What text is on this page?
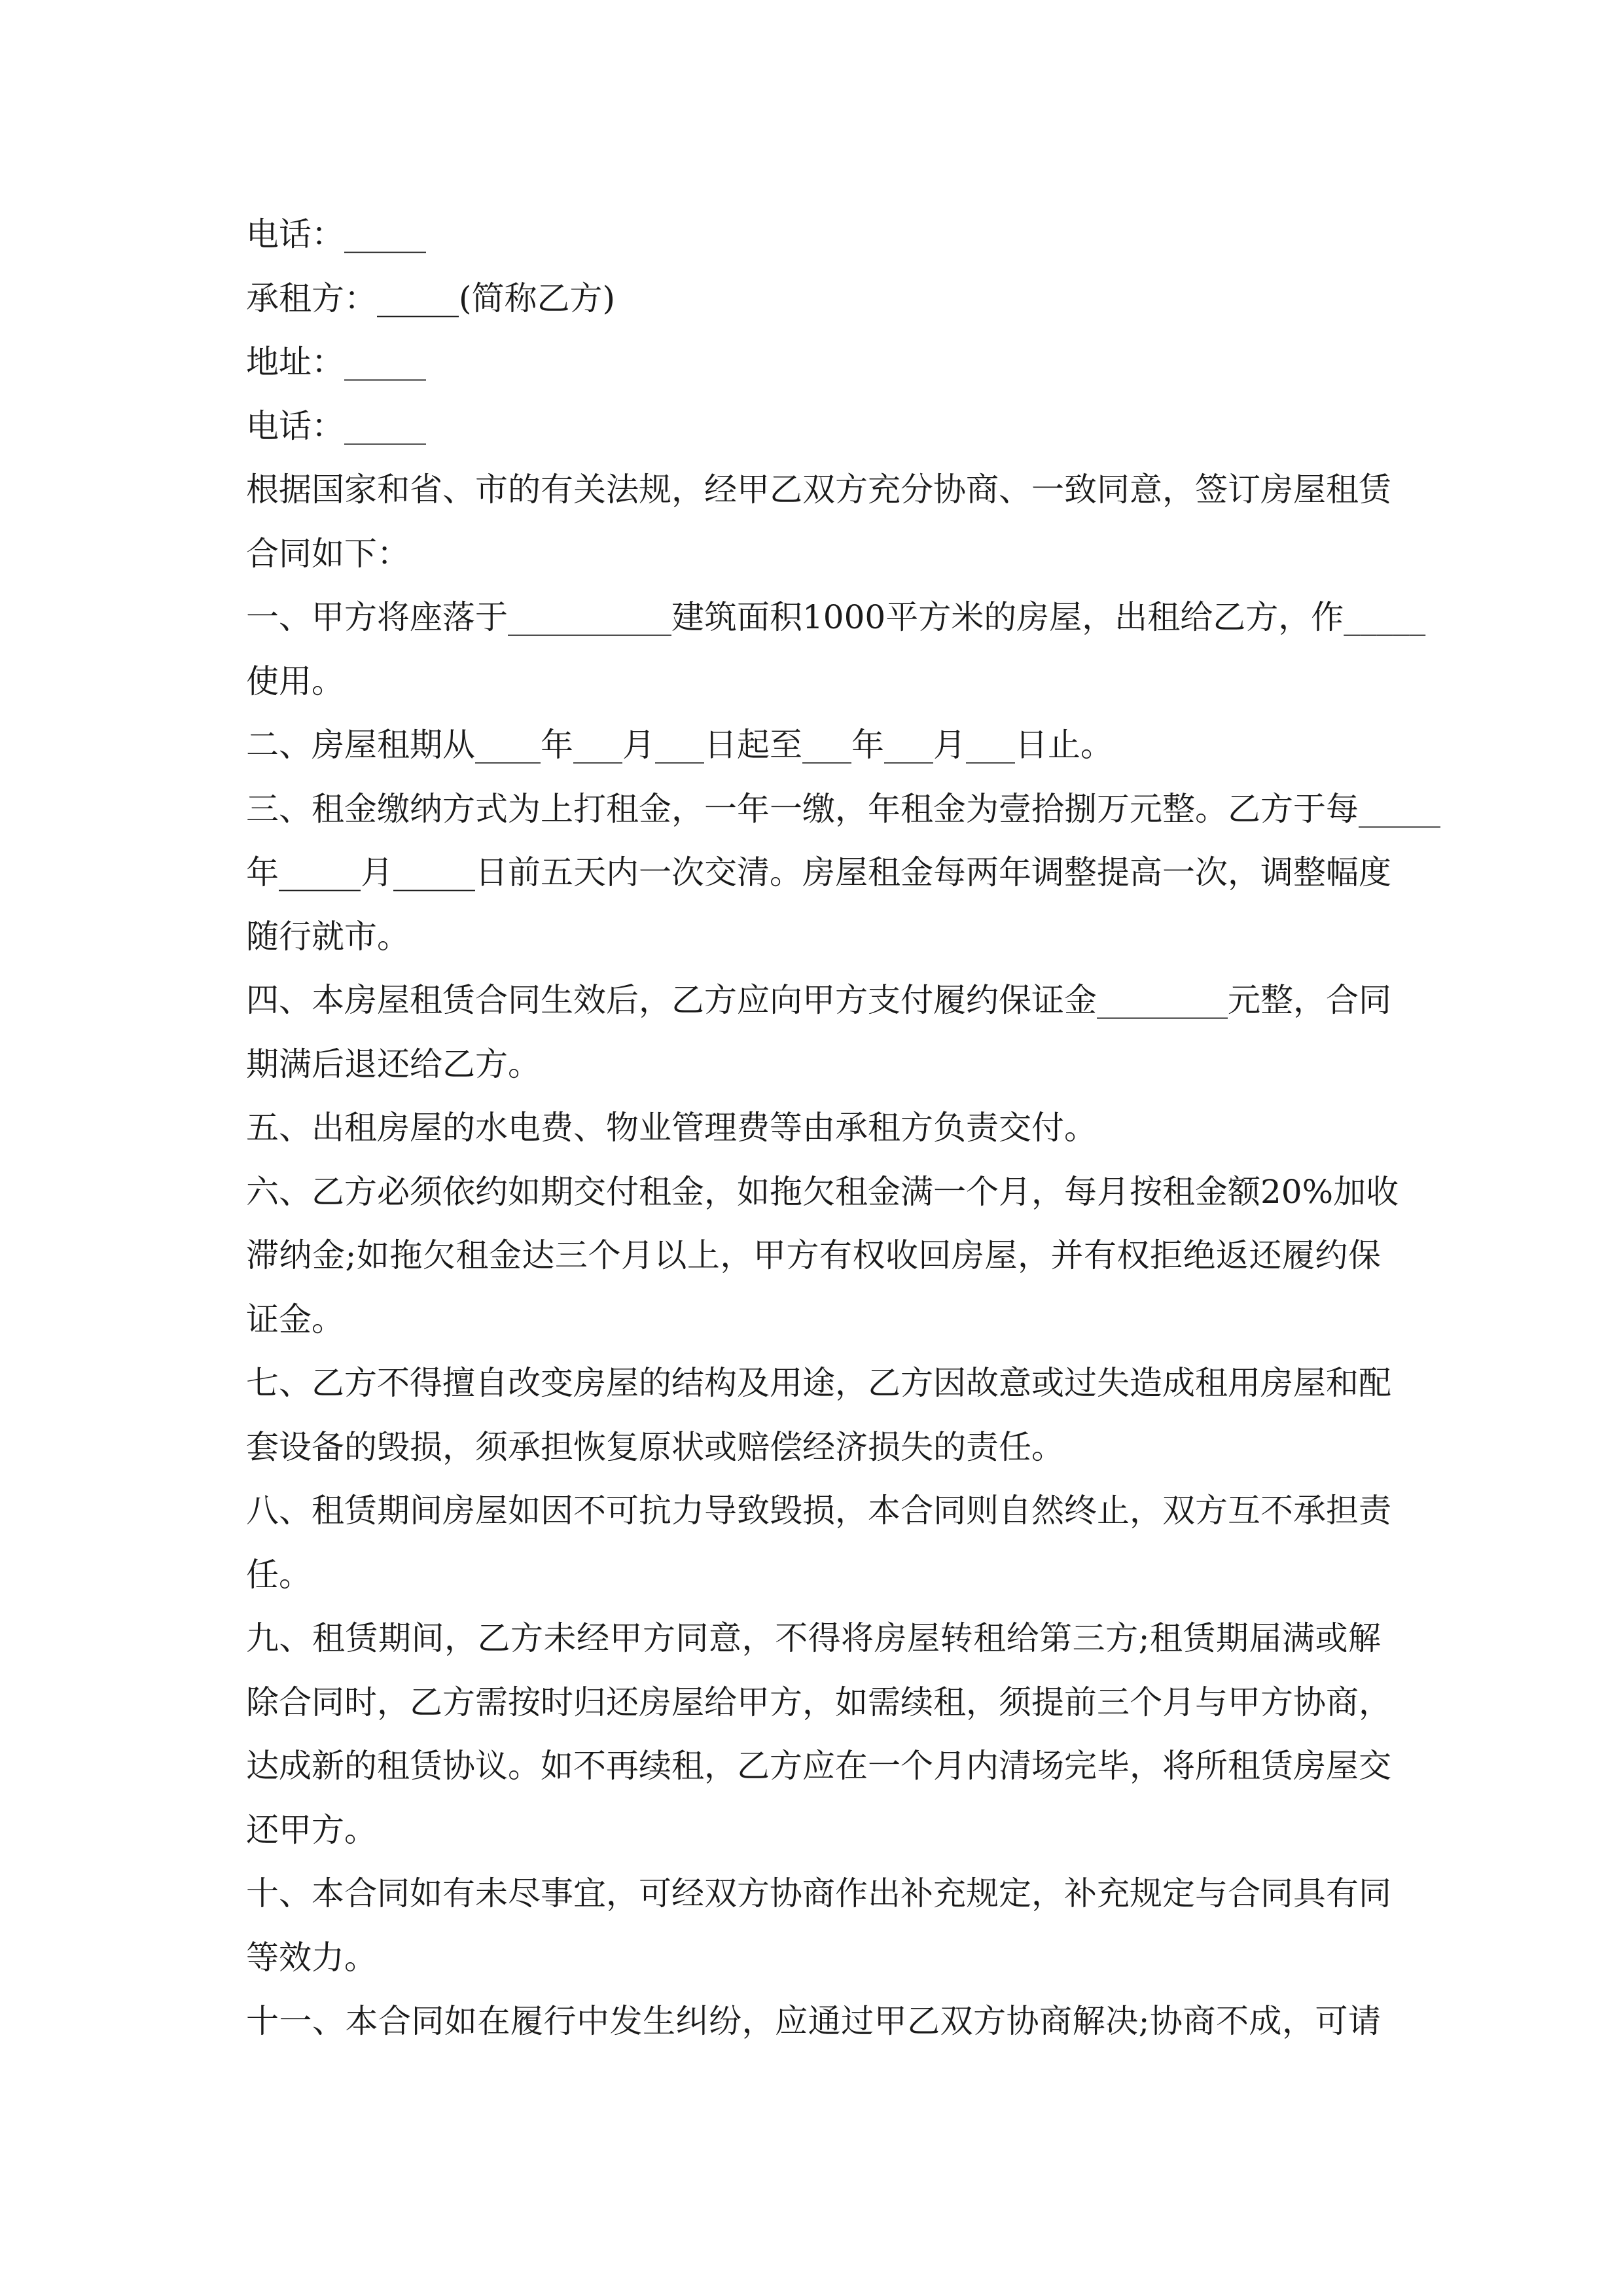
电话：_____
承租方：_____(简称乙方)
地址：_____
电话：_____
根据国家和省、市的有关法规，经甲乙双方充分协商、一致同意，签订房屋租赁
合同如下：
一、甲方将座落于__________建筑面积1000平方米的房屋，出租给乙方，作_____
使用。
二、房屋租期从____年___月___日起至___年___月___日止。
三、租金缴纳方式为上打租金，一年一缴，年租金为壹拾捌万元整。乙方于每_____
年_____月_____日前五天内一次交清。房屋租金每两年调整提高一次，调整幅度
随行就市。
四、本房屋租赁合同生效后，乙方应向甲方支付履约保证金________元整，合同
期满后退还给乙方。
五、出租房屋的水电费、物业管理费等由承租方负责交付。
六、乙方必须依约如期交付租金，如拖欠租金满一个月，每月按租金额20%加收
滞纳金;如拖欠租金达三个月以上，甲方有权收回房屋，并有权拒绝返还履约保
证金。
七、乙方不得擅自改变房屋的结构及用途，乙方因故意或过失造成租用房屋和配
套设备的毁损，须承担恢复原状或赔偿经济损失的责任。
八、租赁期间房屋如因不可抗力导致毁损，本合同则自然终止，双方互不承担责
任。
九、租赁期间，乙方未经甲方同意，不得将房屋转租给第三方;租赁期届满或解
除合同时，乙方需按时归还房屋给甲方，如需续租，须提前三个月与甲方协商，
达成新的租赁协议。如不再续租，乙方应在一个月内清场完毕，将所租赁房屋交
还甲方。
十、本合同如有未尽事宜，可经双方协商作出补充规定，补充规定与合同具有同
等效力。
十一、本合同如在履行中发生纠纷，应通过甲乙双方协商解决;协商不成，可请
